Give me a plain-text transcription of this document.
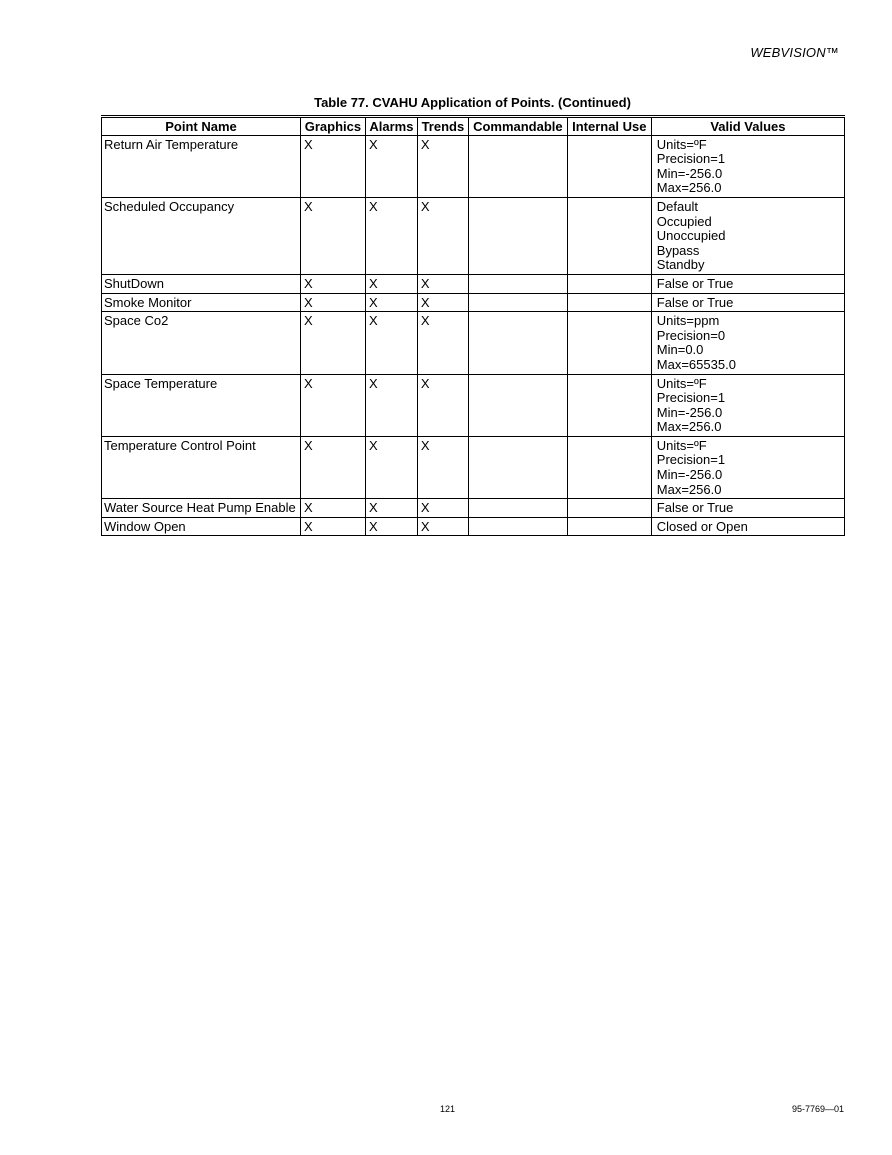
WEBVISION™
Table 77. CVAHU Application of Points. (Continued)
Point Name	Graphics	Alarms	Trends	Commandable	Internal Use	Valid Values
Return Air Temperature	X	X	X			Units=ºF
Precision=1
Min=-256.0
Max=256.0

Scheduled Occupancy	X	X	X			Default
Occupied
Unoccupied
Bypass
Standby

ShutDown	X	X	X			False or True

Smoke Monitor	X	X	X			False or True

Space Co2	X	X	X			Units=ppm
Precision=0
Min=0.0
Max=65535.0

Space Temperature	X	X	X			Units=ºF
Precision=1
Min=-256.0
Max=256.0

Temperature Control Point	X	X	X			Units=ºF
Precision=1
Min=-256.0
Max=256.0

Water Source Heat Pump Enable	X	X	X			False or True

Window Open	X	X	X			Closed or Open
121	95-7769—01
